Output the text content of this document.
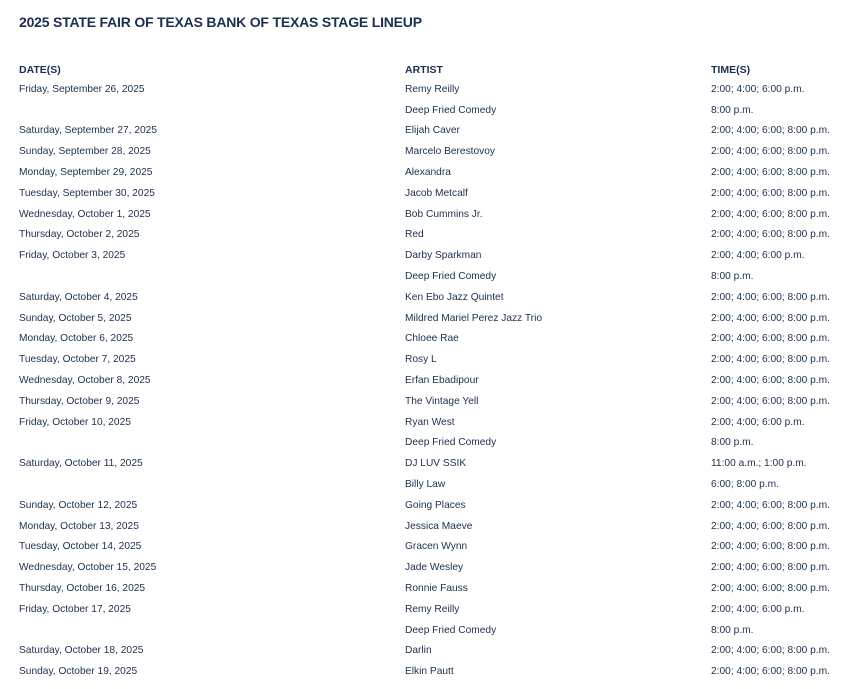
2025 STATE FAIR OF TEXAS BANK OF TEXAS STAGE LINEUP
DATE(S)	ARTIST	TIME(S)
Friday, September 26, 2025	Remy Reilly	2:00; 4:00; 6:00 p.m.
	Deep Fried Comedy	8:00 p.m.
Saturday, September 27, 2025	Elijah Caver	2:00; 4:00; 6:00; 8:00 p.m.
Sunday, September 28, 2025	Marcelo Berestovoy	2:00; 4:00; 6:00; 8:00 p.m.
Monday, September 29, 2025	Alexandra	2:00; 4:00; 6:00; 8:00 p.m.
Tuesday, September 30, 2025	Jacob Metcalf	2:00; 4:00; 6:00; 8:00 p.m.
Wednesday, October 1, 2025	Bob Cummins Jr.	2:00; 4:00; 6:00; 8:00 p.m.
Thursday, October 2, 2025	Red	2:00; 4:00; 6:00; 8:00 p.m.
Friday, October 3, 2025	Darby Sparkman	2:00; 4:00; 6:00 p.m.
	Deep Fried Comedy	8:00 p.m.
Saturday, October 4, 2025	Ken Ebo Jazz Quintet	2:00; 4:00; 6:00; 8:00 p.m.
Sunday, October 5, 2025	Mildred Mariel Perez Jazz Trio	2:00; 4:00; 6:00; 8:00 p.m.
Monday, October 6, 2025	Chloee Rae	2:00; 4:00; 6:00; 8:00 p.m.
Tuesday, October 7, 2025	Rosy L	2:00; 4:00; 6:00; 8:00 p.m.
Wednesday, October 8, 2025	Erfan Ebadipour	2:00; 4:00; 6:00; 8:00 p.m.
Thursday, October 9, 2025	The Vintage Yell	2:00; 4:00; 6:00; 8:00 p.m.
Friday, October 10, 2025	Ryan West	2:00; 4:00; 6:00 p.m.
	Deep Fried Comedy	8:00 p.m.
Saturday, October 11, 2025	DJ LUV SSIK	11:00 a.m.; 1:00 p.m.
	Billy Law	6:00; 8:00 p.m.
Sunday, October 12, 2025	Going Places	2:00; 4:00; 6:00; 8:00 p.m.
Monday, October 13, 2025	Jessica Maeve	2:00; 4:00; 6:00; 8:00 p.m.
Tuesday, October 14, 2025	Gracen Wynn	2:00; 4:00; 6:00; 8:00 p.m.
Wednesday, October 15, 2025	Jade Wesley	2:00; 4:00; 6:00; 8:00 p.m.
Thursday, October 16, 2025	Ronnie Fauss	2:00; 4:00; 6:00; 8:00 p.m.
Friday, October 17, 2025	Remy Reilly	2:00; 4:00; 6:00 p.m.
	Deep Fried Comedy	8:00 p.m.
Saturday, October 18, 2025	Darlin	2:00; 4:00; 6:00; 8:00 p.m.
Sunday, October 19, 2025	Elkin Pautt	2:00; 4:00; 6:00; 8:00 p.m.
